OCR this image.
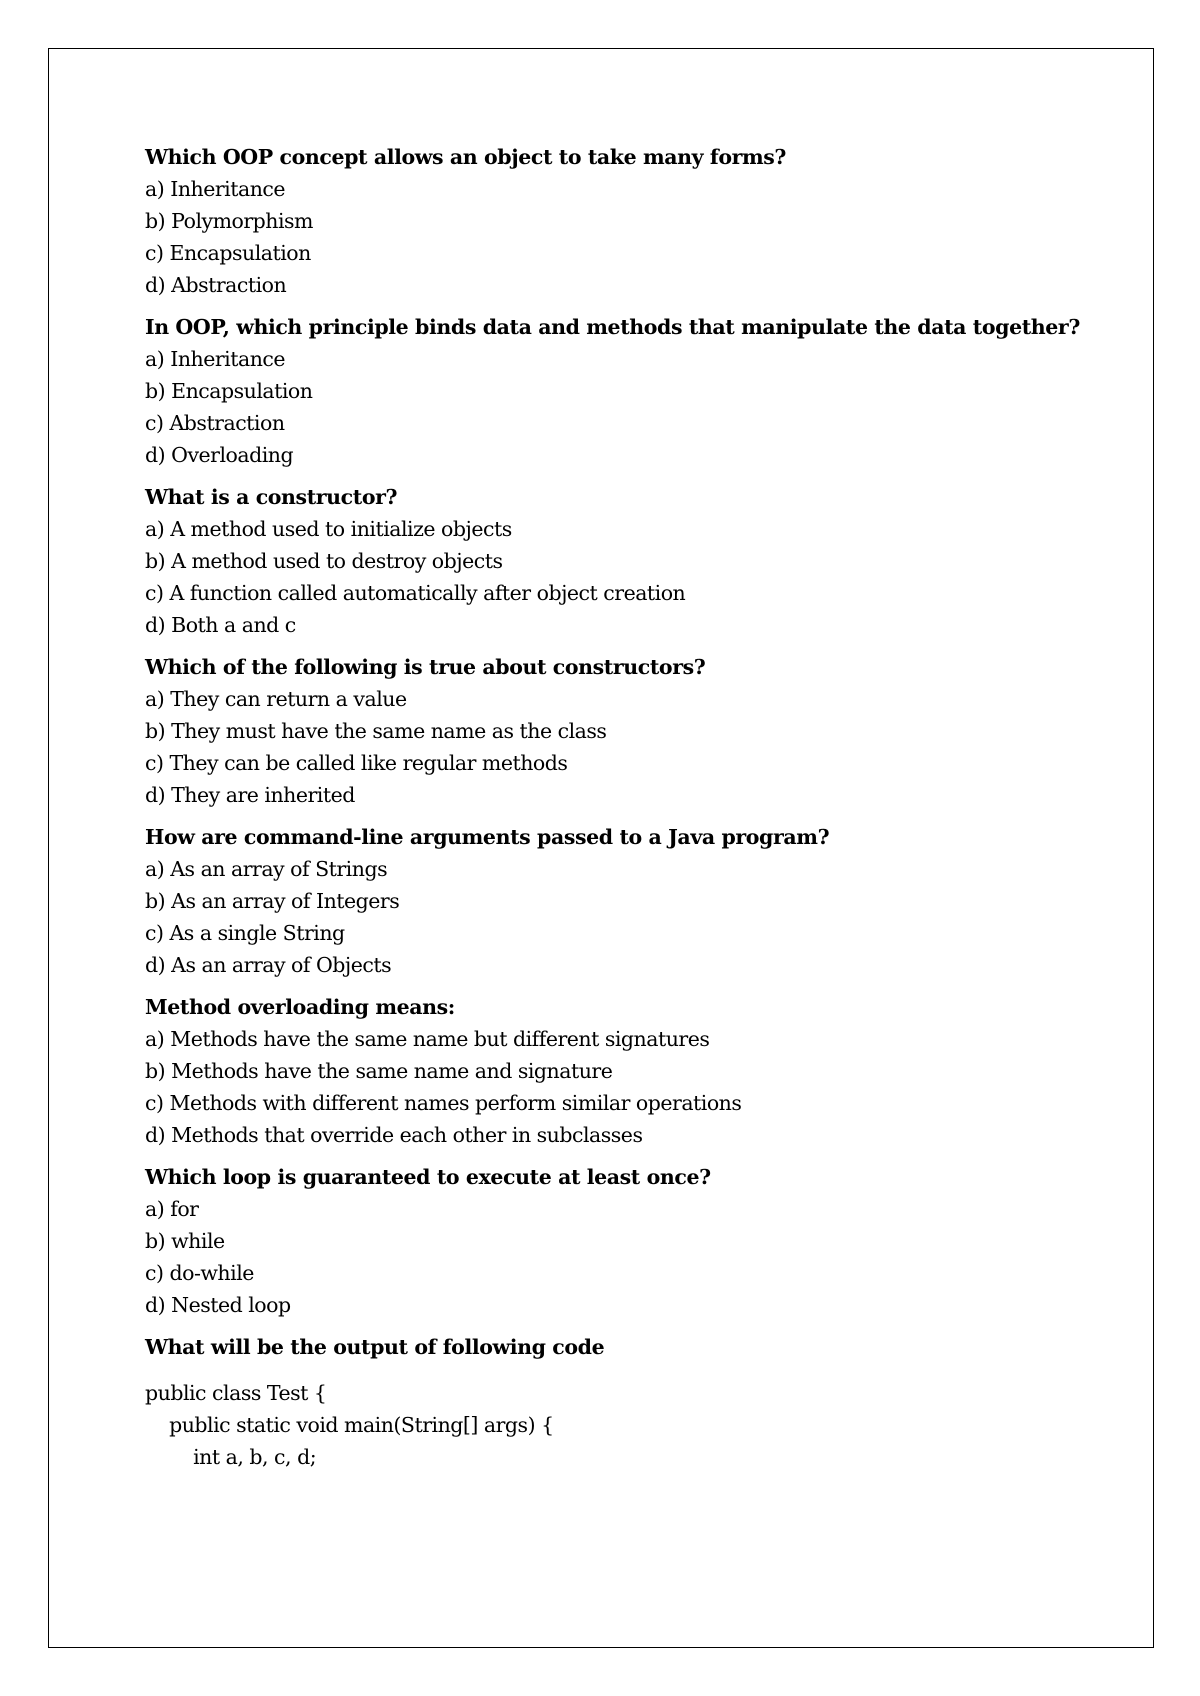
Which OOP concept allows an object to take many forms?
a) Inheritance
b) Polymorphism
c) Encapsulation
d) Abstraction
In OOP, which principle binds data and methods that manipulate the data together?
a) Inheritance
b) Encapsulation
c) Abstraction
d) Overloading
What is a constructor?
a) A method used to initialize objects
b) A method used to destroy objects
c) A function called automatically after object creation
d) Both a and c
Which of the following is true about constructors?
a) They can return a value
b) They must have the same name as the class
c) They can be called like regular methods
d) They are inherited
How are command-line arguments passed to a Java program?
a) As an array of Strings
b) As an array of Integers
c) As a single String
d) As an array of Objects
Method overloading means:
a) Methods have the same name but different signatures
b) Methods have the same name and signature
c) Methods with different names perform similar operations
d) Methods that override each other in subclasses
Which loop is guaranteed to execute at least once?
a) for
b) while
c) do-while
d) Nested loop
What will be the output of following code
public class Test {
public static void main(String[] args) {
int a, b, c, d;
